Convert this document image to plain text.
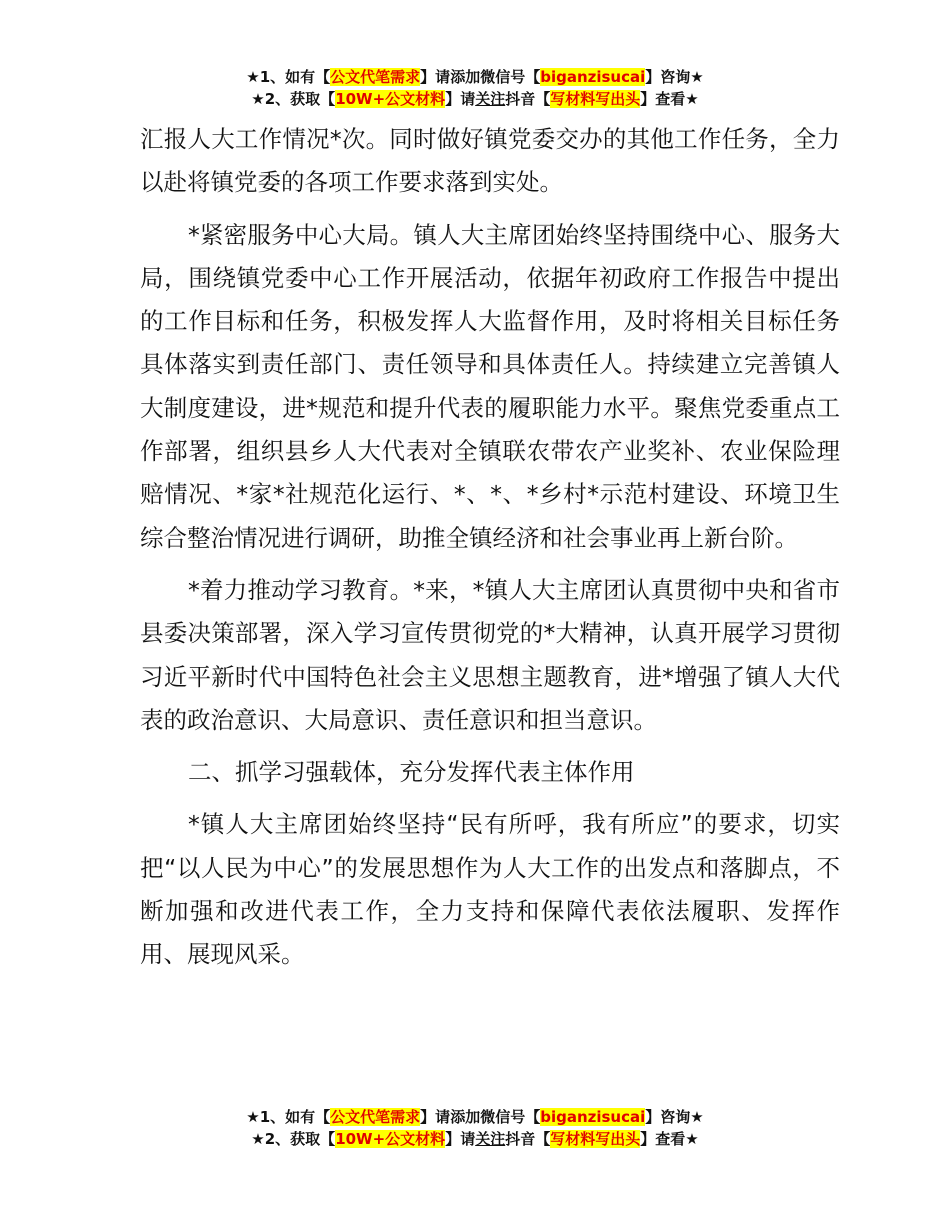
★1、如有【公文代笔需求】请添加微信号【biganzisucai】咨询★
★2、获取【10W+公文材料】请关注抖音【写材料写出头】查看★

汇报人大工作情况*次。同时做好镇党委交办的其他工作任务，全力以赴将镇党委的各项工作要求落到实处。

*紧密服务中心大局。镇人大主席团始终坚持围绕中心、服务大局，围绕镇党委中心工作开展活动，依据年初政府工作报告中提出的工作目标和任务，积极发挥人大监督作用，及时将相关目标任务具体落实到责任部门、责任领导和具体责任人。持续建立完善镇人大制度建设，进*规范和提升代表的履职能力水平。聚焦党委重点工作部署，组织县乡人大代表对全镇联农带农产业奖补、农业保险理赔情况、*家*社规范化运行、*、*、*乡村*示范村建设、环境卫生综合整治情况进行调研，助推全镇经济和社会事业再上新台阶。

*着力推动学习教育。*来，*镇人大主席团认真贯彻中央和省市县委决策部署，深入学习宣传贯彻党的*大精神，认真开展学习贯彻习近平新时代中国特色社会主义思想主题教育，进*增强了镇人大代表的政治意识、大局意识、责任意识和担当意识。

二、抓学习强载体，充分发挥代表主体作用

*镇人大主席团始终坚持“民有所呼，我有所应”的要求，切实把“以人民为中心”的发展思想作为人大工作的出发点和落脚点，不断加强和改进代表工作，全力支持和保障代表依法履职、发挥作用、展现风采。

★1、如有【公文代笔需求】请添加微信号【biganzisucai】咨询★
★2、获取【10W+公文材料】请关注抖音【写材料写出头】查看★
